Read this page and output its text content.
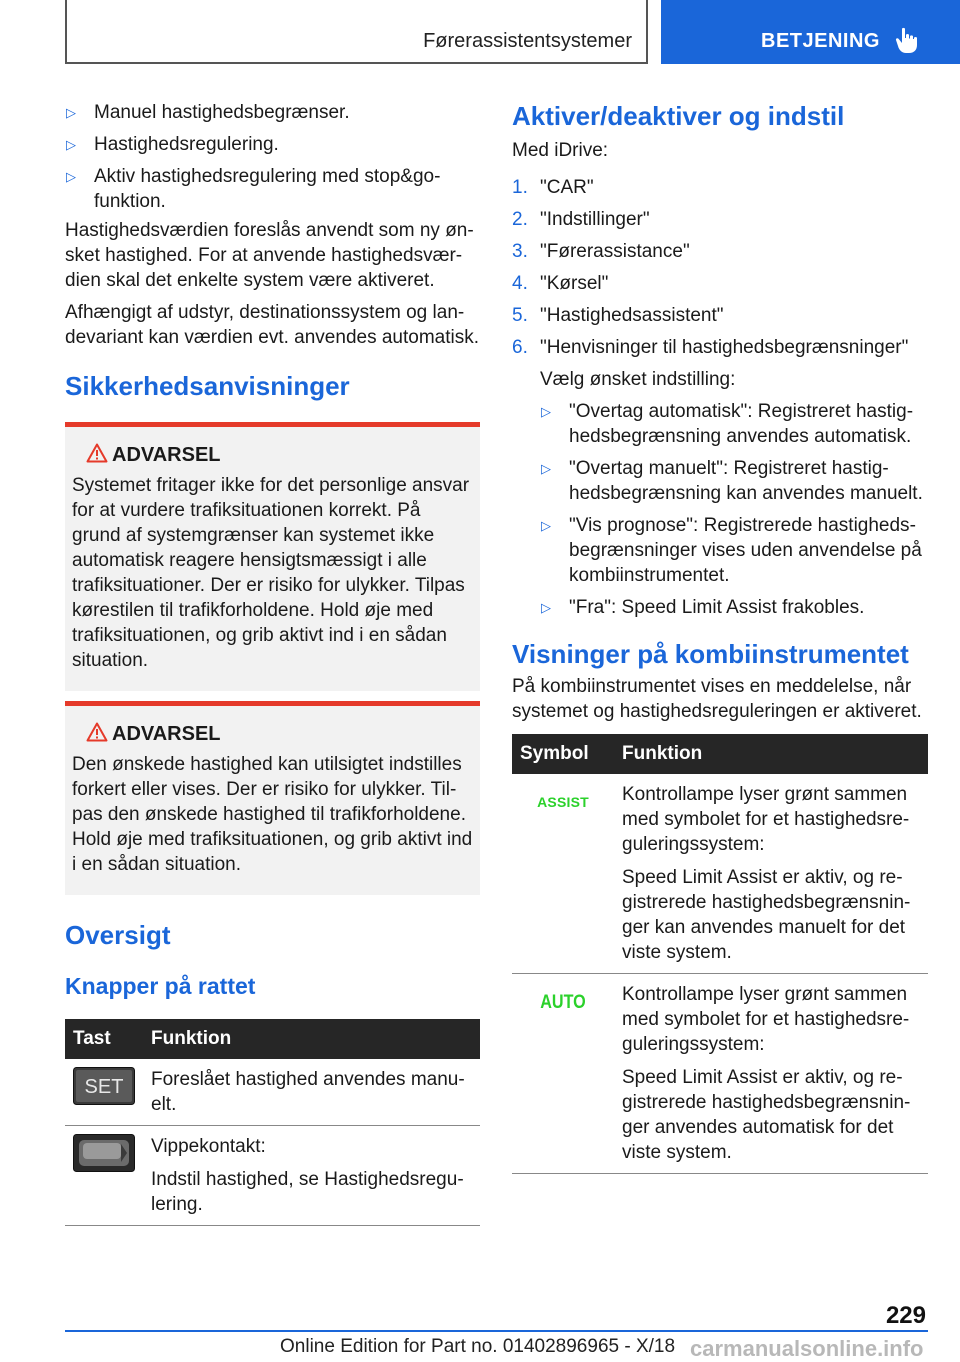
Førerassistentsystemer	BETJENING
▷ Manuel hastighedsbegrænser.
▷ Hastighedsregulering.
▷ Aktiv hastighedsregulering med stop&go-funktion.

Hastighedsværdien foreslås anvendt som ny ønsket hastighed. For at anvende hastighedsværdien skal det enkelte system være aktiveret.

Afhængigt af udstyr, destinationssystem og landevariant kan værdien evt. anvendes automatisk.

Sikkerhedsanvisninger
ADVARSEL

Systemet fritager ikke for det personlige ansvar for at vurdere trafiksituationen korrekt. På grund af systemgrænser kan systemet ikke automatisk reagere hensigtsmæssigt i alle trafiksituationer. Der er risiko for ulykker. Tilpas kørestilen til trafikforholdene. Hold øje med trafiksituationen, og grib aktivt ind i en sådan situation.

ADVARSEL

Den ønskede hastighed kan utilsigtet indstilles forkert eller vises. Der er risiko for ulykker. Tilpas den ønskede hastighed til trafikforholdene. Hold øje med trafiksituationen, og grib aktivt ind i en sådan situation.

Oversigt
Knapper på rattet
Tast	Funktion

SET	Foreslået hastighed anvendes manuelt.

Vippekontakt:

Indstil hastighed, se Hastighedsregulering.

Aktiver/deaktiver og indstil

Med iDrive:

1. "CAR"
2. "Indstillinger"
3. "Førerassistance"
4. "Kørsel"
5. "Hastighedsassistent"
6. "Henvisninger til hastighedsbegrænsninger"

Vælg ønsket indstilling:

▷ "Overtag automatisk": Registreret hastighedsbegrænsning anvendes automatisk.
▷ "Overtag manuelt": Registreret hastighedsbegrænsning kan anvendes manuelt.
▷ "Vis prognose": Registrerede hastighedsbegrænsninger vises uden anvendelse på kombiinstrumentet.
▷ "Fra": Speed Limit Assist frakobles.
Visninger på kombiinstrumentet

På kombiinstrumentet vises en meddelelse, når systemet og hastighedsreguleringen er aktiveret.

Symbol	Funktion

ASSIST	Kontrollampe lyser grønt sammen med symbolet for et hastighedsreguleringssystem:

Speed Limit Assist er aktiv, og registrerede hastighedsbegrænsninger kan anvendes manuelt for det viste system.

AUTO	Kontrollampe lyser grønt sammen med symbolet for et hastighedsreguleringssystem:

Speed Limit Assist er aktiv, og registrerede hastighedsbegrænsninger anvendes automatisk for det viste system.

229
Online Edition for Part no. 01402896965 - X/18 carmanualsonline.info
